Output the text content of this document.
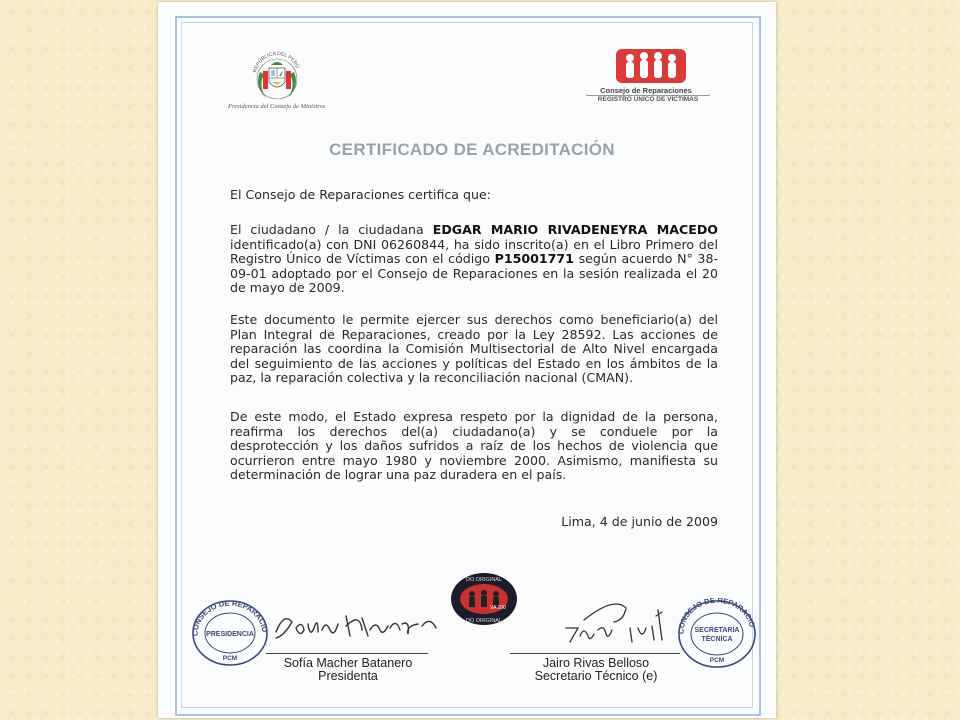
REPÚBLICA DEL PERÚ
Presidencia del Consejo de Ministros
Consejo de Reparaciones
REGISTRO ÚNICO DE VÍCTIMAS
CERTIFICADO DE ACREDITACIÓN
El Consejo de Reparaciones certifica que:
El ciudadano / la ciudadana EDGAR MARIO RIVADENEYRA MACEDO identificado(a) con DNI 06260844, ha sido inscrito(a) en el Libro Primero del Registro Único de Víctimas con el código P15001771 según acuerdo N° 38-09-01 adoptado por el Consejo de Reparaciones en la sesión realizada el 20 de mayo de 2009.
Este documento le permite ejercer sus derechos como beneficiario(a) del Plan Integral de Reparaciones, creado por la Ley 28592. Las acciones de reparación las coordina la Comisión Multisectorial de Alto Nivel encargada del seguimiento de las acciones y políticas del Estado en los ámbitos de la paz, la reparación colectiva y la reconciliación nacional (CMAN).
De este modo, el Estado expresa respeto por la dignidad de la persona, reafirma los derechos del(a) ciudadano(a) y se conduele por la desprotección y los daños sufridos a raíz de los hechos de violencia que ocurrieron entre mayo 1980 y noviembre 2000. Asimismo, manifiesta su determinación de lograr una paz duradera en el país.
Lima, 4 de junio de 2009
DO ORIGINAL
DO ORIGINAL
VA 100
CONSEJO DE REPARACIO
PRESIDENCIA
PCM
CONSEJO DE REPARACIO
SECRETARÍA
TÉCNICA
PCM
Sofía Macher Batanero
Presidenta
Jairo Rivas Belloso
Secretario Técnico (e)
